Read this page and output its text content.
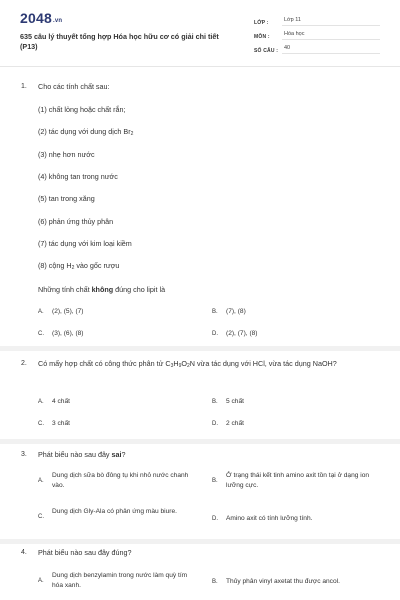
2048.vn
635 câu lý thuyết tổng hợp Hóa học hữu cơ có giải chi tiết (P13)
LỚP :	Lớp 11
MÔN :	Hóa học
SỐ CÂU :	40
1. Cho các tính chất sau:
(1) chất lỏng hoặc chất rắn;
(2) tác dụng với dung dịch $Br_2$
(3) nhẹ hơn nước
(4) không tan trong nước
(5) tan trong xăng
(6) phản ứng thủy phân
(7) tác dụng với kim loại kiềm
(8) cộng $H_2$ vào gốc rượu
Những tính chất không đúng cho lipit là
A. (2), (5), (7)	B. (7), (8)
C. (3), (6), (8)	D. (2), (7), (8)
2. Có mấy hợp chất có công thức phân tử $C_3H_9O_2N$ vừa tác dụng với HCl, vừa tác dụng NaOH?
A. 4 chất	B. 5 chất
C. 3 chất	D. 2 chất
3. Phát biểu nào sau đây sai?
A.
Dung dịch sữa bò đông tụ khi nhỏ nước chanh vào.
B.
Ở trạng thái kết tinh amino axit tồn tại ở dạng ion lưỡng cực.
C.
Dung dịch Gly-Ala có phản ứng màu biure.
D. Amino axit có tính lưỡng tính.
4. Phát biểu nào sau đây đúng?
A.
Dung dịch benzylamin trong nước làm quỳ tím hóa xanh.	B. Thủy phân vinyl axetat thu được ancol.
